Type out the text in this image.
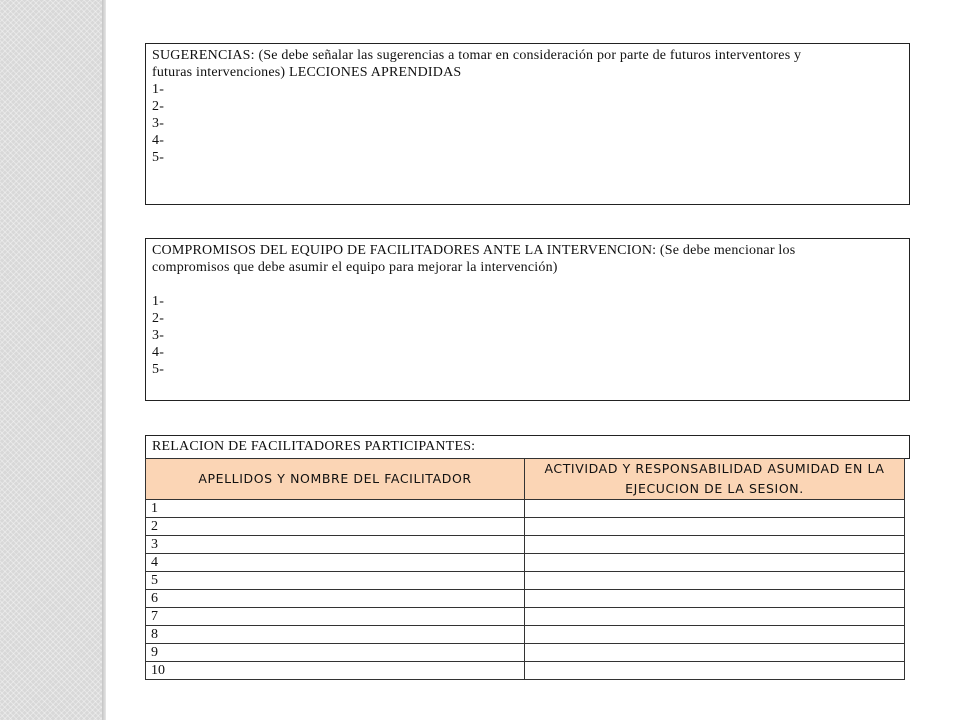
SUGERENCIAS: (Se debe señalar las sugerencias a tomar en consideración por parte de futuros interventores y

futuras intervenciones) LECCIONES APRENDIDAS

1-

2-

3-

4-

5-

COMPROMISOS DEL EQUIPO DE FACILITADORES ANTE LA INTERVENCION: (Se debe mencionar los

compromisos que debe asumir el equipo para mejorar la intervención)

1-

2-

3-

4-

5-

RELACION DE FACILITADORES PARTICIPANTES:

APELLIDOS Y NOMBRE DEL FACILITADOR	ACTIVIDAD Y RESPONSABILIDAD ASUMIDAD EN LA EJECUCION DE LA SESION.
1	
2	
3	
4	
5	
6	
7	
8	
9	
10	
